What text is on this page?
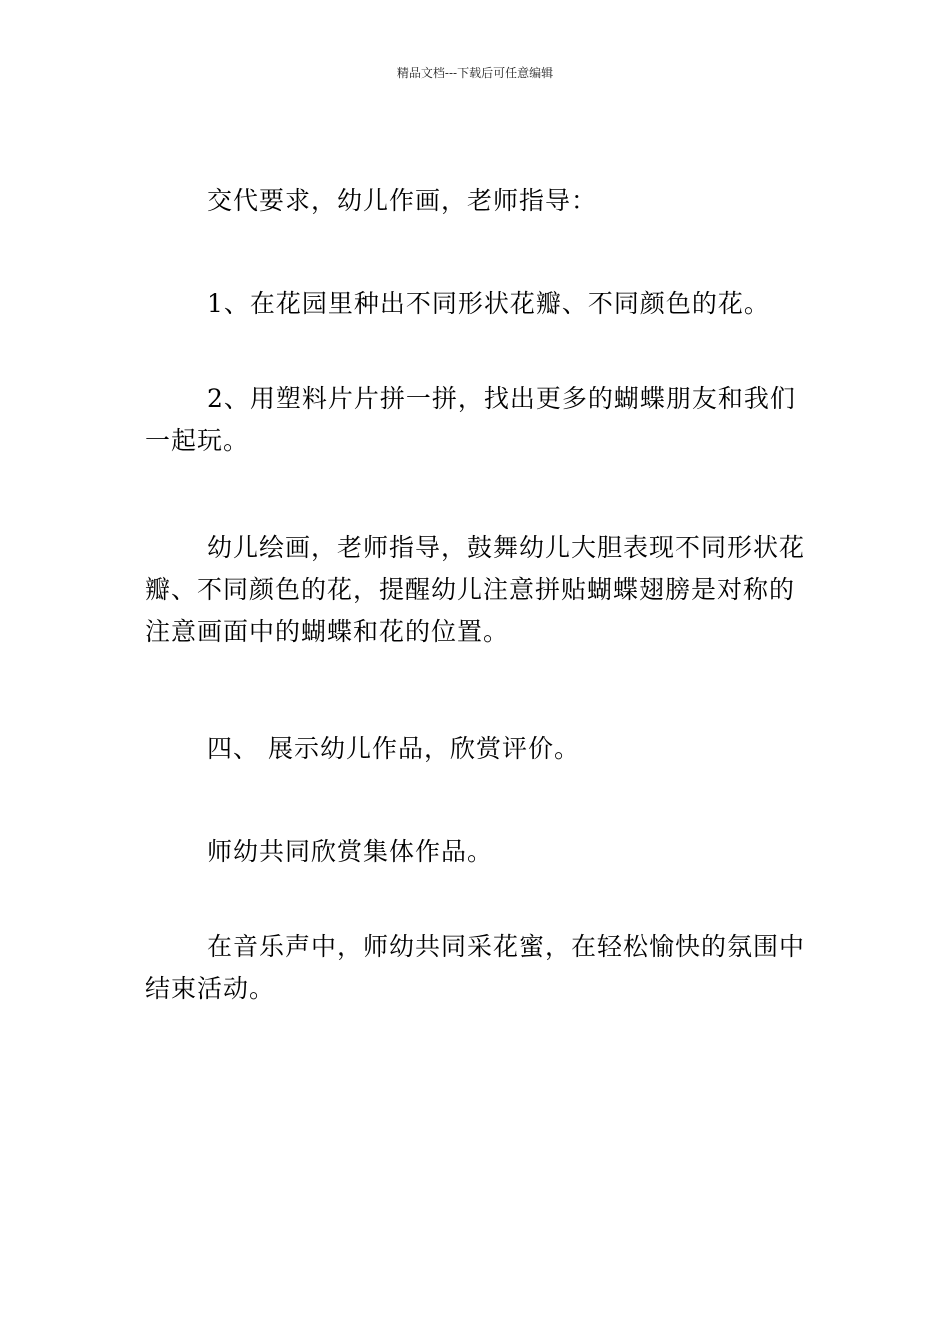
精品文档---下载后可任意编辑

交代要求，幼儿作画，老师指导：

1、在花园里种出不同形状花瓣、不同颜色的花。

2、用塑料片片拼一拼，找出更多的蝴蝶朋友和我们一起玩。

幼儿绘画，老师指导，鼓舞幼儿大胆表现不同形状花瓣、不同颜色的花，提醒幼儿注意拼贴蝴蝶翅膀是对称的注意画面中的蝴蝶和花的位置。

四、 展示幼儿作品，欣赏评价。

师幼共同欣赏集体作品。

在音乐声中，师幼共同采花蜜，在轻松愉快的氛围中结束活动。
